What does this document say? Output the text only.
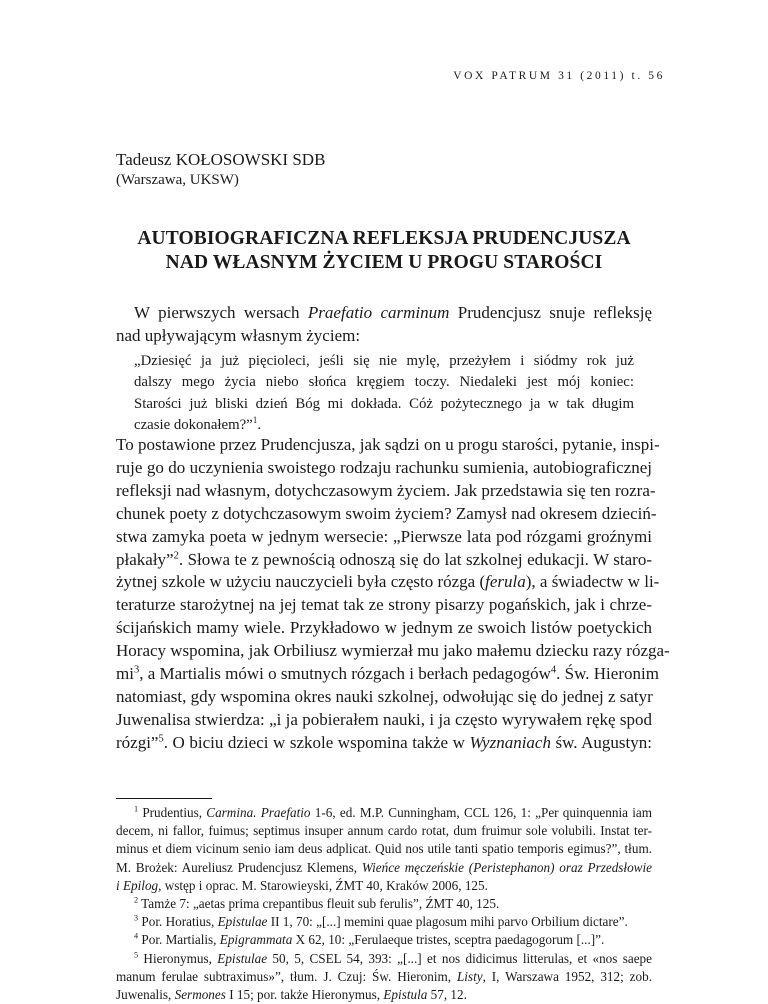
VOX PATRUM 31 (2011) t. 56
Tadeusz KOŁOSOWSKI SDB
(Warszawa, UKSW)
AUTOBIOGRAFICZNA REFLEKSJA PRUDENCJUSZA
NAD WŁASNYM ŻYCIEM U PROGU STAROŚCI
W pierwszych wersach Praefatio carminum Prudencjusz snuje refleksję
nad upływającym własnym życiem:
„Dziesięć ja już pięcioleci, jeśli się nie mylę, przeżyłem i siódmy rok już
dalszy mego życia niebo słońca kręgiem toczy. Niedaleki jest mój koniec:
Starości już bliski dzień Bóg mi dokłada. Cóż pożytecznego ja w tak długim
czasie dokonałem?”$^1$.
To postawione przez Prudencjusza, jak sądzi on u progu starości, pytanie, inspi-
ruje go do uczynienia swoistego rodzaju rachunku sumienia, autobiograficznej
refleksji nad własnym, dotychczasowym życiem. Jak przedstawia się ten rozra-
chunek poety z dotychczasowym swoim życiem? Zamysł nad okresem dzieciń-
stwa zamyka poeta w jednym wersecie: „Pierwsze lata pod rózgami groźnymi
płakały”$^2$. Słowa te z pewnością odnoszą się do lat szkolnej edukacji. W staro-
żytnej szkole w użyciu nauczycieli była często rózga (ferula), a świadectw w li-
teraturze starożytnej na jej temat tak ze strony pisarzy pogańskich, jak i chrze-
ścijańskich mamy wiele. Przykładowo w jednym ze swoich listów poetyckich
Horacy wspomina, jak Orbiliusz wymierzał mu jako małemu dziecku razy rózga-
$mi^3$, a Martialis mówi o smutnych rózgach i berłach pedagogów$^4$. Św. Hieronim
natomiast, gdy wspomina okres nauki szkolnej, odwołując się do jednej z satyr
Juwenalisa stwierdza: „i ja pobierałem nauki, i ja często wyrywałem rękę spod
rózgi”$^5$. O biciu dzieci w szkole wspomina także w Wyznaniach św. Augustyn:
$^1$ Prudentius, Carmina. Praefatio 1-6, ed. M.P. Cunningham, CCL 126, 1: „Per quinquennia iam
decem, ni fallor, fuimus; septimus insuper annum cardo rotat, dum fruimur sole volubili. Instat ter-
minus et diem vicinum senio iam deus adplicat. Quid nos utile tanti spatio temporis egimus?”, tłum.
M. Brożek: Aureliusz Prudencjusz Klemens, Wieńce męczeńskie (Peristephanon) oraz Przedsłowie
i Epilog, wstęp i oprac. M. Starowieyski, ŹMT 40, Kraków 2006, 125.
$^2$ Tamże 7: „aetas prima crepantibus fleuit sub ferulis”, ŹMT 40, 125.
$^3$ Por. Horatius, Epistulae II 1, 70: „[...] memini quae plagosum mihi parvo Orbilium dictare”.
$^4$ Por. Martialis, Epigrammata X 62, 10: „Ferulaeque tristes, sceptra paedagogorum [...]”.
$^5$ Hieronymus, Epistulae 50, 5, CSEL 54, 393: „[...] et nos didicimus litterulas, et «nos saepe
manum ferulae subtraximus»”, tłum. J. Czuj: Św. Hieronim, Listy, I, Warszawa 1952, 312; zob.
Juwenalis, Sermones I 15; por. także Hieronymus, Epistula 57, 12.
